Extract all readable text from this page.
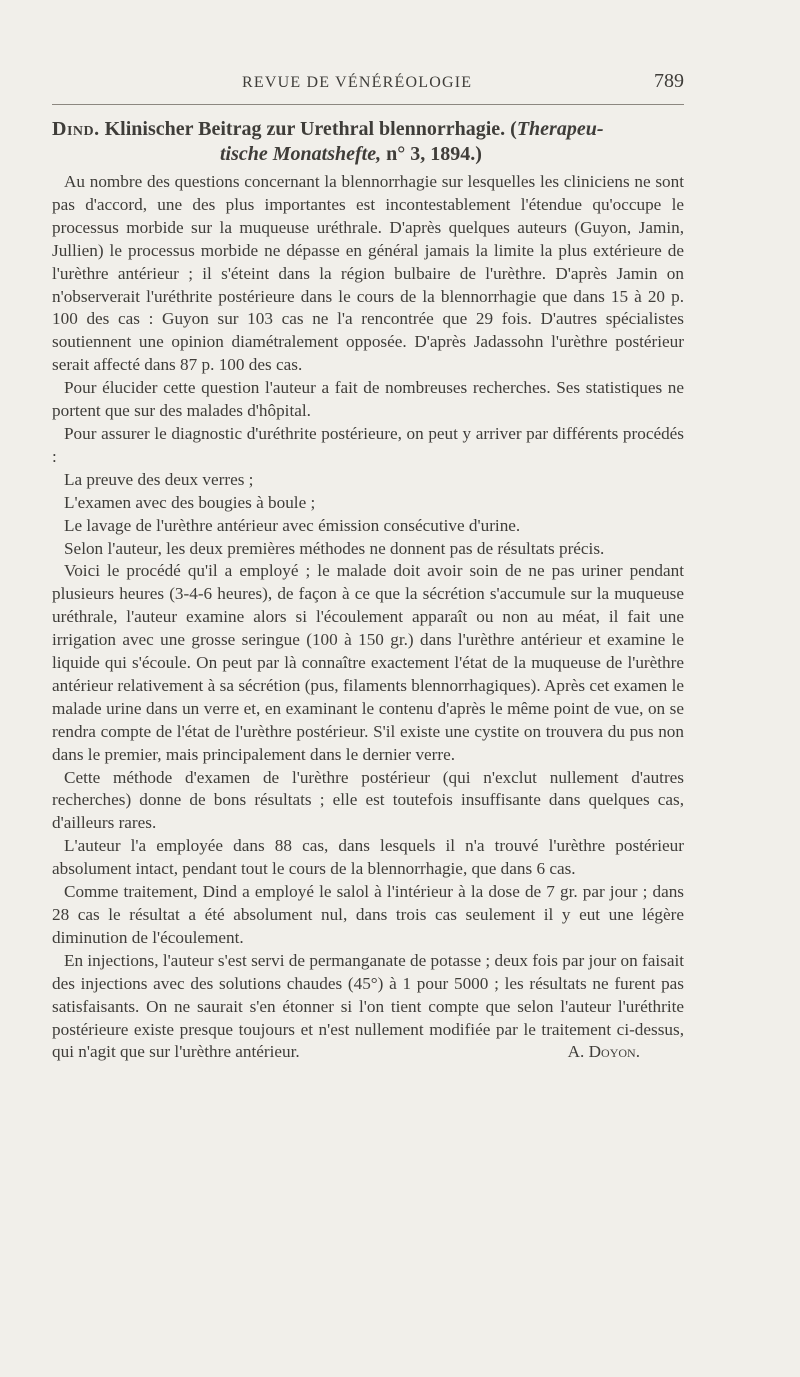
REVUE DE VÉNÉRÉOLOGIE	789
Dind. Klinischer Beitrag zur Urethral blennorrhagie. (Therapeu-
tische Monatshefte, n° 3, 1894.)

Au nombre des questions concernant la blennorrhagie sur lesquelles les cliniciens ne sont pas d'accord, une des plus importantes est incontestablement l'étendue qu'occupe le processus morbide sur la muqueuse uréthrale. D'après quelques auteurs (Guyon, Jamin, Jullien) le processus morbide ne dépasse en général jamais la limite la plus extérieure de l'urèthre antérieur ; il s'éteint dans la région bulbaire de l'urèthre. D'après Jamin on n'observerait l'uréthrite postérieure dans le cours de la blennorrhagie que dans 15 à 20 p. 100 des cas : Guyon sur 103 cas ne l'a rencontrée que 29 fois. D'autres spécialistes soutiennent une opinion diamétralement opposée. D'après Jadassohn l'urèthre postérieur serait affecté dans 87 p. 100 des cas.

Pour élucider cette question l'auteur a fait de nombreuses recherches. Ses statistiques ne portent que sur des malades d'hôpital.

Pour assurer le diagnostic d'uréthrite postérieure, on peut y arriver par différents procédés :

La preuve des deux verres ;

L'examen avec des bougies à boule ;

Le lavage de l'urèthre antérieur avec émission consécutive d'urine.

Selon l'auteur, les deux premières méthodes ne donnent pas de résultats précis.

Voici le procédé qu'il a employé ; le malade doit avoir soin de ne pas uriner pendant plusieurs heures (3-4-6 heures), de façon à ce que la sécrétion s'accumule sur la muqueuse uréthrale, l'auteur examine alors si l'écoulement apparaît ou non au méat, il fait une irrigation avec une grosse seringue (100 à 150 gr.) dans l'urèthre antérieur et examine le liquide qui s'écoule. On peut par là connaître exactement l'état de la muqueuse de l'urèthre antérieur relativement à sa sécrétion (pus, filaments blennorrhagiques). Après cet examen le malade urine dans un verre et, en examinant le contenu d'après le même point de vue, on se rendra compte de l'état de l'urèthre postérieur. S'il existe une cystite on trouvera du pus non dans le premier, mais principalement dans le dernier verre.

Cette méthode d'examen de l'urèthre postérieur (qui n'exclut nullement d'autres recherches) donne de bons résultats ; elle est toutefois insuffisante dans quelques cas, d'ailleurs rares.

L'auteur l'a employée dans 88 cas, dans lesquels il n'a trouvé l'urèthre postérieur absolument intact, pendant tout le cours de la blennorrhagie, que dans 6 cas.

Comme traitement, Dind a employé le salol à l'intérieur à la dose de 7 gr. par jour ; dans 28 cas le résultat a été absolument nul, dans trois cas seulement il y eut une légère diminution de l'écoulement.

En injections, l'auteur s'est servi de permanganate de potasse ; deux fois par jour on faisait des injections avec des solutions chaudes (45°) à 1 pour 5000 ; les résultats ne furent pas satisfaisants. On ne saurait s'en étonner si l'on tient compte que selon l'auteur l'uréthrite postérieure existe presque toujours et n'est nullement modifiée par le traitement ci-dessus, qui n'agit que sur l'urèthre antérieur.	A. Doyon.
